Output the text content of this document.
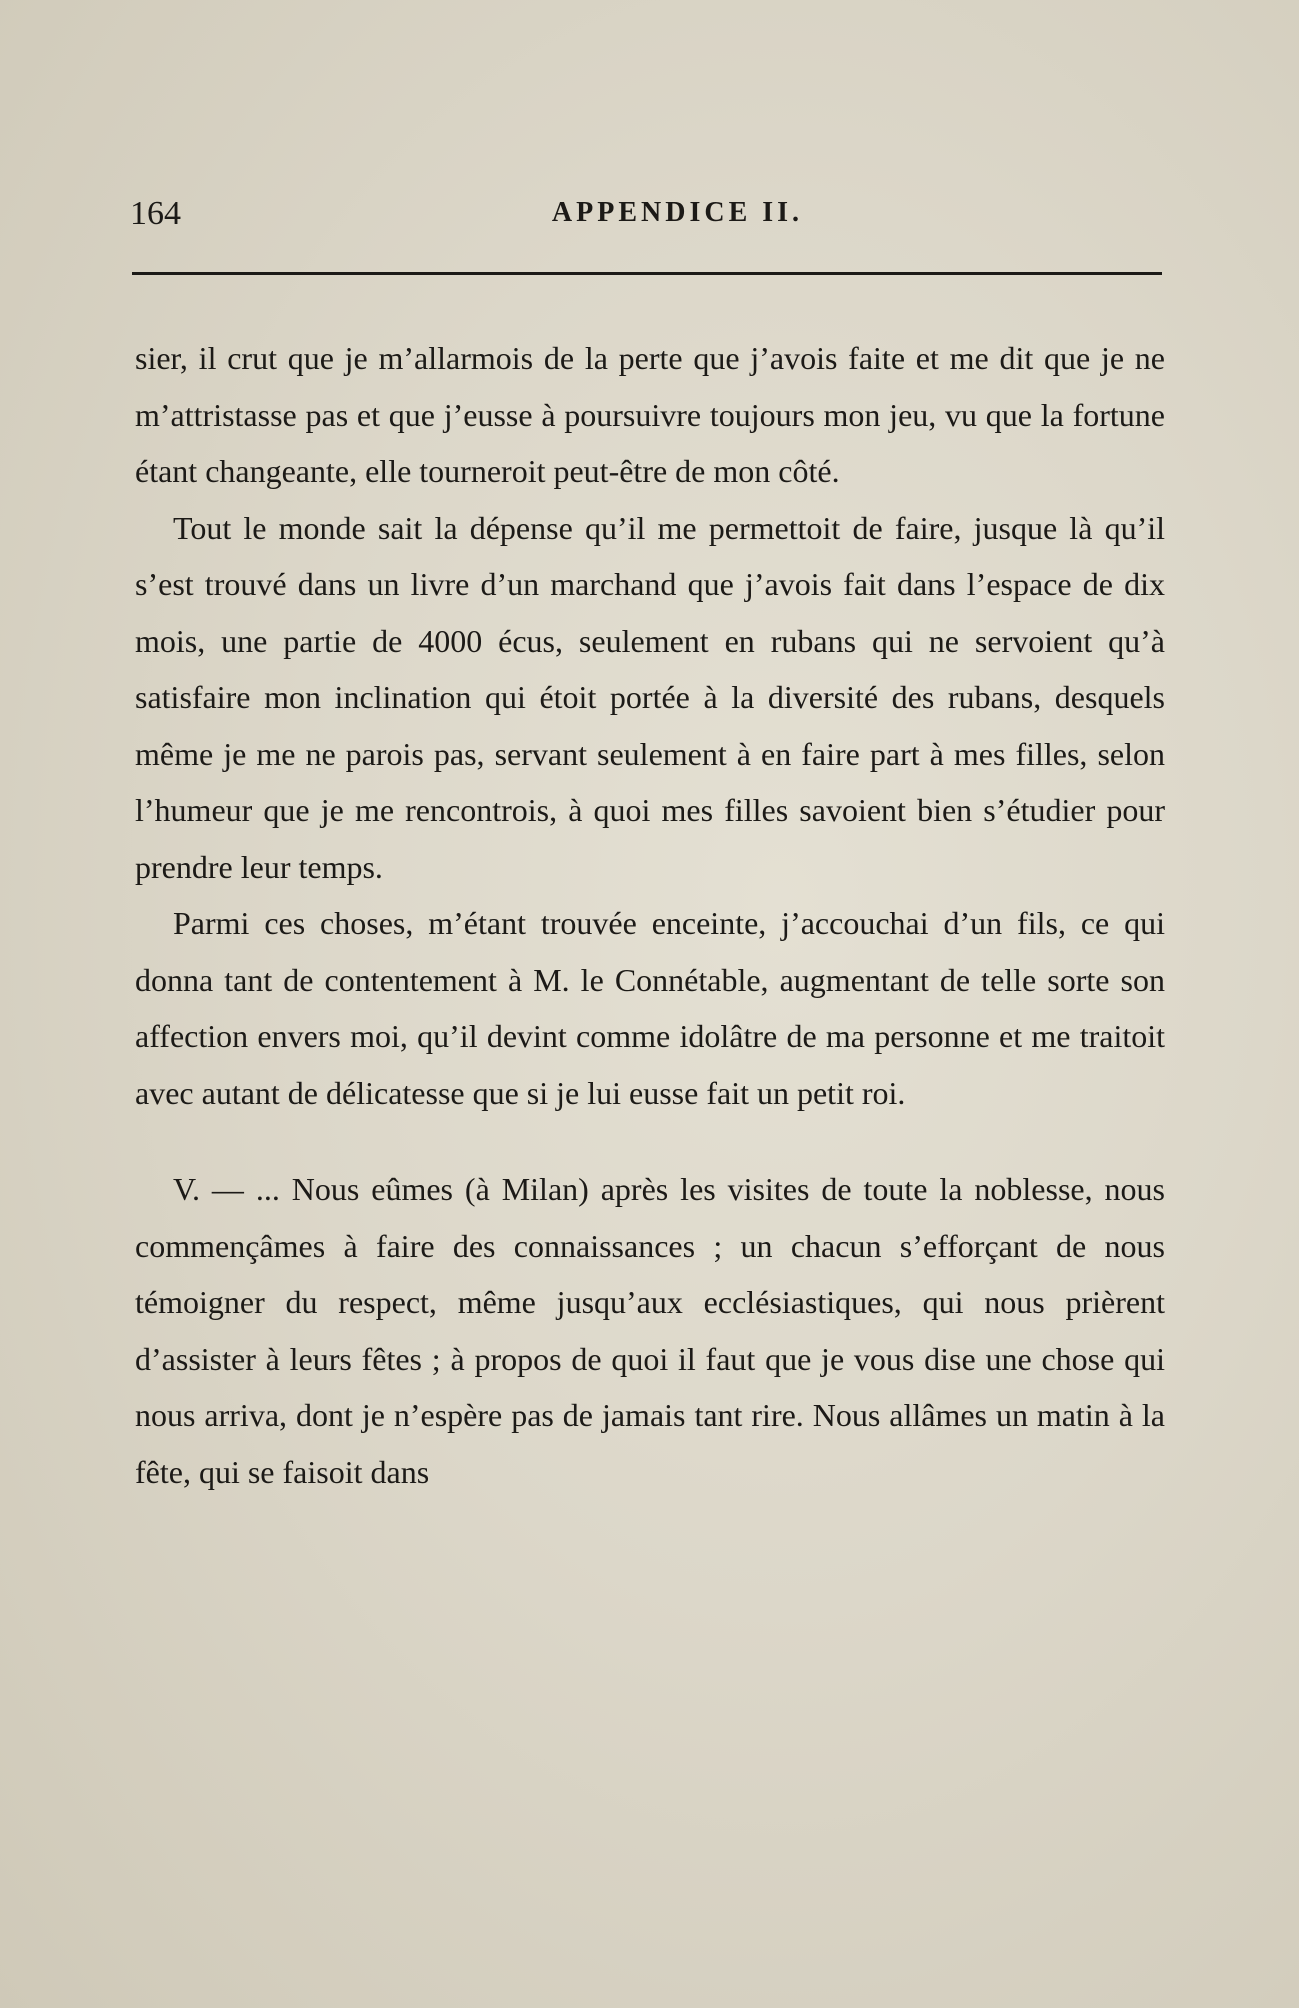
164	APPENDICE II.

sier, il crut que je m’allarmois de la perte que j’avois faite et me dit que je ne m’attristasse pas et que j’eusse à poursuivre toujours mon jeu, vu que la fortune étant changeante, elle tourneroit peut-être de mon côté.

Tout le monde sait la dépense qu’il me permettoit de faire, jusque là qu’il s’est trouvé dans un livre d’un marchand que j’avois fait dans l’espace de dix mois, une partie de 4000 écus, seulement en rubans qui ne servoient qu’à satisfaire mon inclination qui étoit portée à la diversité des rubans, desquels même je me ne parois pas, servant seulement à en faire part à mes filles, selon l’humeur que je me rencontrois, à quoi mes filles savoient bien s’étudier pour prendre leur temps.

Parmi ces choses, m’étant trouvée enceinte, j’accouchai d’un fils, ce qui donna tant de contentement à M. le Connétable, augmentant de telle sorte son affection envers moi, qu’il devint comme idolâtre de ma personne et me traitoit avec autant de délicatesse que si je lui eusse fait un petit roi.

V. — ... Nous eûmes (à Milan) après les visites de toute la noblesse, nous commençâmes à faire des connaissances ; un chacun s’efforçant de nous témoigner du respect, même jusqu’aux ecclésiastiques, qui nous prièrent d’assister à leurs fêtes ; à propos de quoi il faut que je vous dise une chose qui nous arriva, dont je n’espère pas de jamais tant rire. Nous allâmes un matin à la fête, qui se faisoit dans
